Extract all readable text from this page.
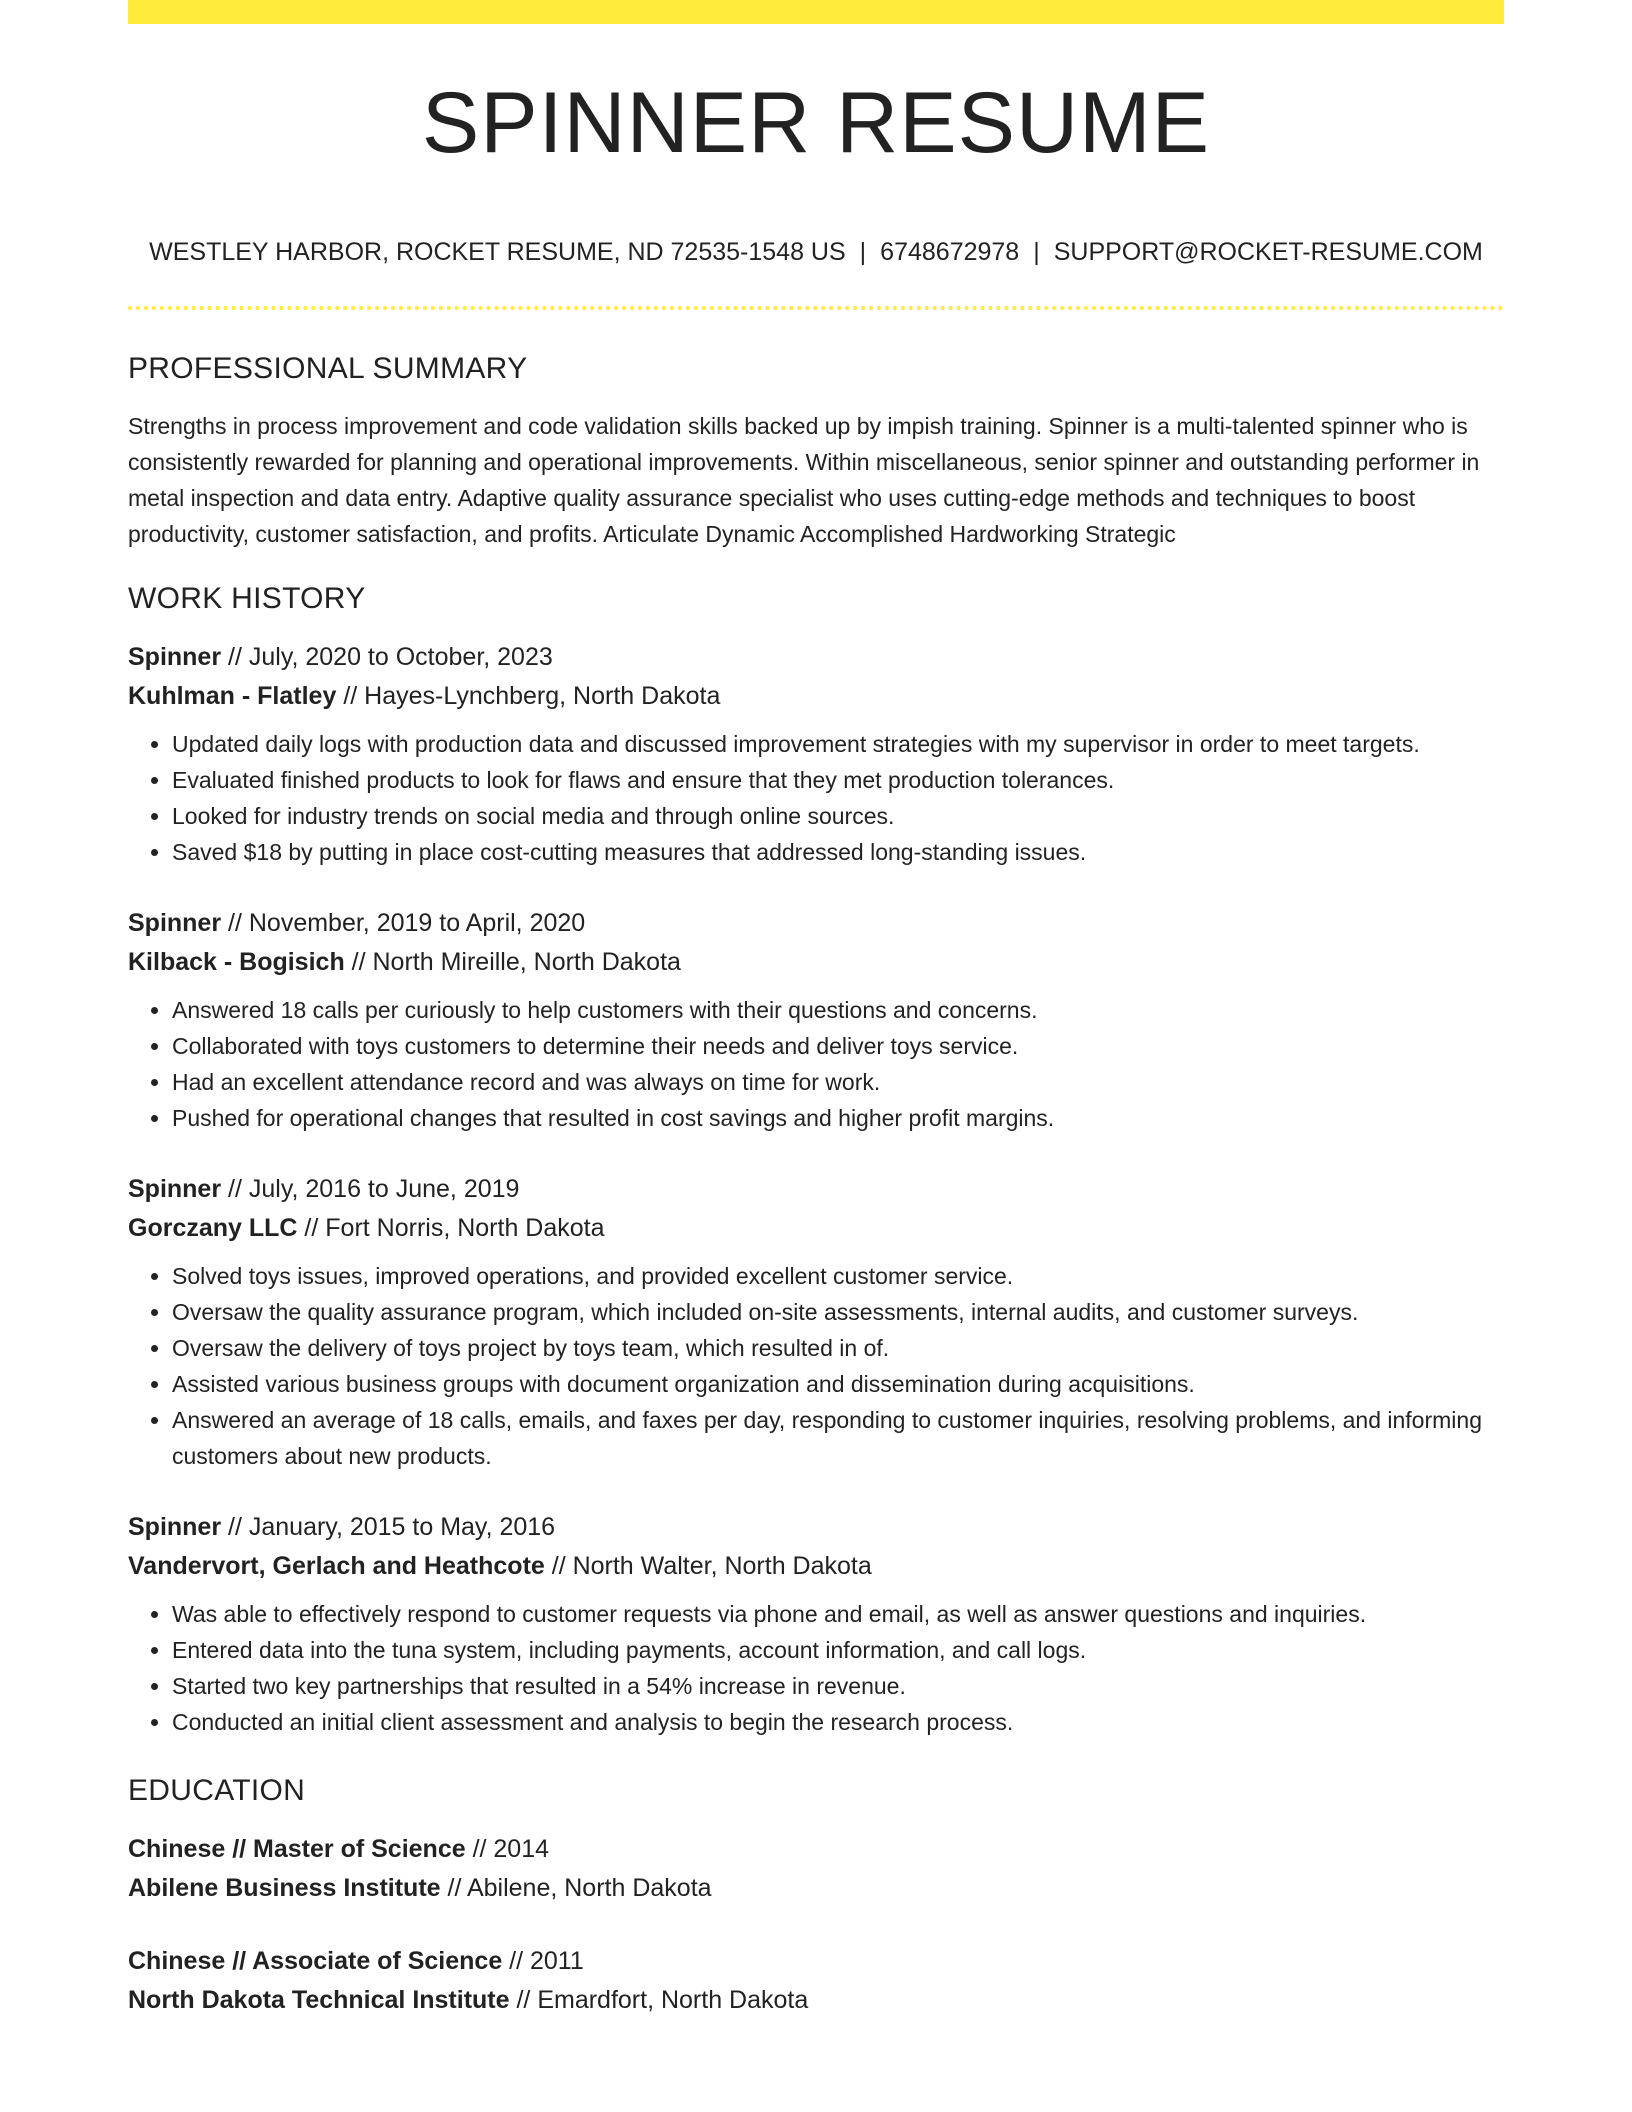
SPINNER RESUME
WESTLEY HARBOR, ROCKET RESUME, ND 72535-1548 US | 6748672978 | SUPPORT@ROCKET-RESUME.COM
PROFESSIONAL SUMMARY

Strengths in process improvement and code validation skills backed up by impish training. Spinner is a multi-talented spinner who is consistently rewarded for planning and operational improvements. Within miscellaneous, senior spinner and outstanding performer in metal inspection and data entry. Adaptive quality assurance specialist who uses cutting-edge methods and techniques to boost productivity, customer satisfaction, and profits. Articulate Dynamic Accomplished Hardworking Strategic

WORK HISTORY
Spinner // July, 2020 to October, 2023
Kuhlman - Flatley // Hayes-Lynchberg, North Dakota
• Updated daily logs with production data and discussed improvement strategies with my supervisor in order to meet targets.
• Evaluated finished products to look for flaws and ensure that they met production tolerances.
• Looked for industry trends on social media and through online sources.
• Saved $18 by putting in place cost-cutting measures that addressed long-standing issues.
Spinner // November, 2019 to April, 2020
Kilback - Bogisich // North Mireille, North Dakota
• Answered 18 calls per curiously to help customers with their questions and concerns.
• Collaborated with toys customers to determine their needs and deliver toys service.
• Had an excellent attendance record and was always on time for work.
• Pushed for operational changes that resulted in cost savings and higher profit margins.
Spinner // July, 2016 to June, 2019
Gorczany LLC // Fort Norris, North Dakota
• Solved toys issues, improved operations, and provided excellent customer service.
• Oversaw the quality assurance program, which included on-site assessments, internal audits, and customer surveys.
• Oversaw the delivery of toys project by toys team, which resulted in of.
• Assisted various business groups with document organization and dissemination during acquisitions.
• Answered an average of 18 calls, emails, and faxes per day, responding to customer inquiries, resolving problems, and informing customers about new products.
Spinner // January, 2015 to May, 2016
Vandervort, Gerlach and Heathcote // North Walter, North Dakota
• Was able to effectively respond to customer requests via phone and email, as well as answer questions and inquiries.
• Entered data into the tuna system, including payments, account information, and call logs.
• Started two key partnerships that resulted in a 54% increase in revenue.
• Conducted an initial client assessment and analysis to begin the research process.
EDUCATION
Chinese // Master of Science // 2014
Abilene Business Institute // Abilene, North Dakota
Chinese // Associate of Science // 2011
North Dakota Technical Institute // Emardfort, North Dakota
